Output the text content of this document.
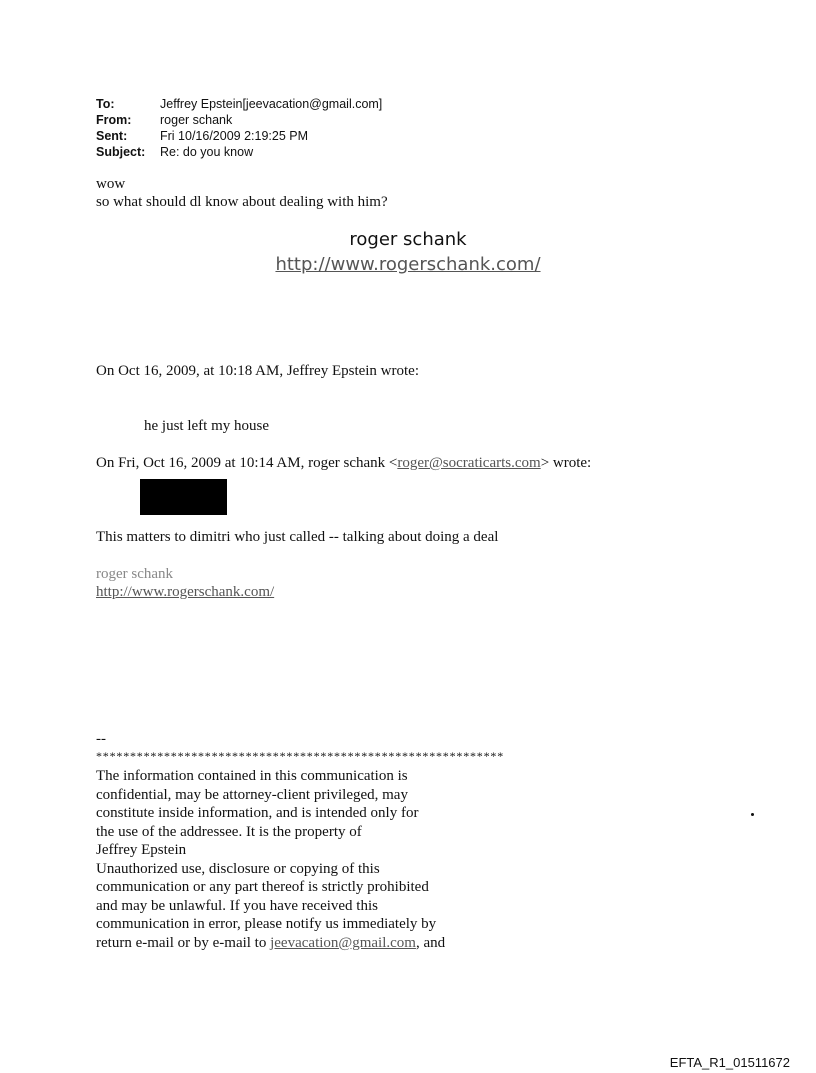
To:	Jeffrey Epstein[jeevacation@gmail.com]
From: roger schank
Sent:	Fri 10/16/2009 2:19:25 PM
Subject: Re: do you know
wow
so what should dl know about dealing with him?
roger schank
http://www.rogerschank.com/
On Oct 16, 2009, at 10:18 AM, Jeffrey Epstein wrote:
he just left my house
On Fri, Oct 16, 2009 at 10:14 AM, roger schank <roger@socraticarts.com> wrote:
This matters to dimitri who just called -- talking about doing a deal
roger schank
http://www.rogerschank.com/
--
************************************************************
The information contained in this communication is
confidential, may be attorney-client privileged, may
constitute inside information, and is intended only for
the use of the addressee. It is the property of
Jeffrey Epstein
Unauthorized use, disclosure or copying of this
communication or any part thereof is strictly prohibited
and may be unlawful. If you have received this
communication in error, please notify us immediately by
return e-mail or by e-mail to jeevacation@gmail.com, and
EFTA_R1_01511672
